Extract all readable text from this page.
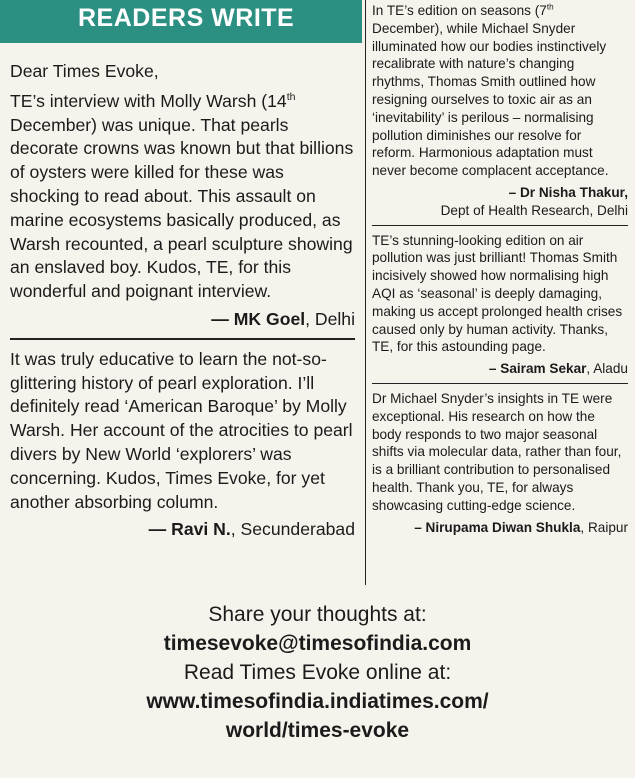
READERS WRITE

Dear Times Evoke,

TE’s interview with Molly Warsh (14th December) was unique. That pearls decorate crowns was known but that billions of oysters were killed for these was shocking to read about. This assault on marine ecosystems basically produced, as Warsh recounted, a pearl sculpture showing an enslaved boy. Kudos, TE, for this wonderful and poignant interview.

— MK Goel, Delhi

It was truly educative to learn the not-so-glittering history of pearl exploration. I’ll definitely read ‘American Baroque’ by Molly Warsh. Her account of the atrocities to pearl divers by New World ‘explorers’ was concerning. Kudos, Times Evoke, for yet another absorbing column.

— Ravi N., Secunderabad

In TE’s edition on seasons (7th December), while Michael Snyder illuminated how our bodies instinctively recalibrate with nature’s changing rhythms, Thomas Smith outlined how resigning ourselves to toxic air as an ‘inevitability’ is perilous – normalising pollution diminishes our resolve for reform. Harmonious adaptation must never become complacent acceptance.

– Dr Nisha Thakur,
Dept of Health Research, Delhi

TE’s stunning-looking edition on air pollution was just brilliant! Thomas Smith incisively showed how normalising high AQI as ‘seasonal’ is deeply damaging, making us accept prolonged health crises caused only by human activity. Thanks, TE, for this astounding page.

– Sairam Sekar, Aladu

Dr Michael Snyder’s insights in TE were exceptional. His research on how the body responds to two major seasonal shifts via molecular data, rather than four, is a brilliant contribution to personalised health. Thank you, TE, for always showcasing cutting-edge science.

– Nirupama Diwan Shukla, Raipur
Share your thoughts at:
timesevoke@timesofindia.com
Read Times Evoke online at:
www.timesofindia.indiatimes.com/
world/times-evoke
